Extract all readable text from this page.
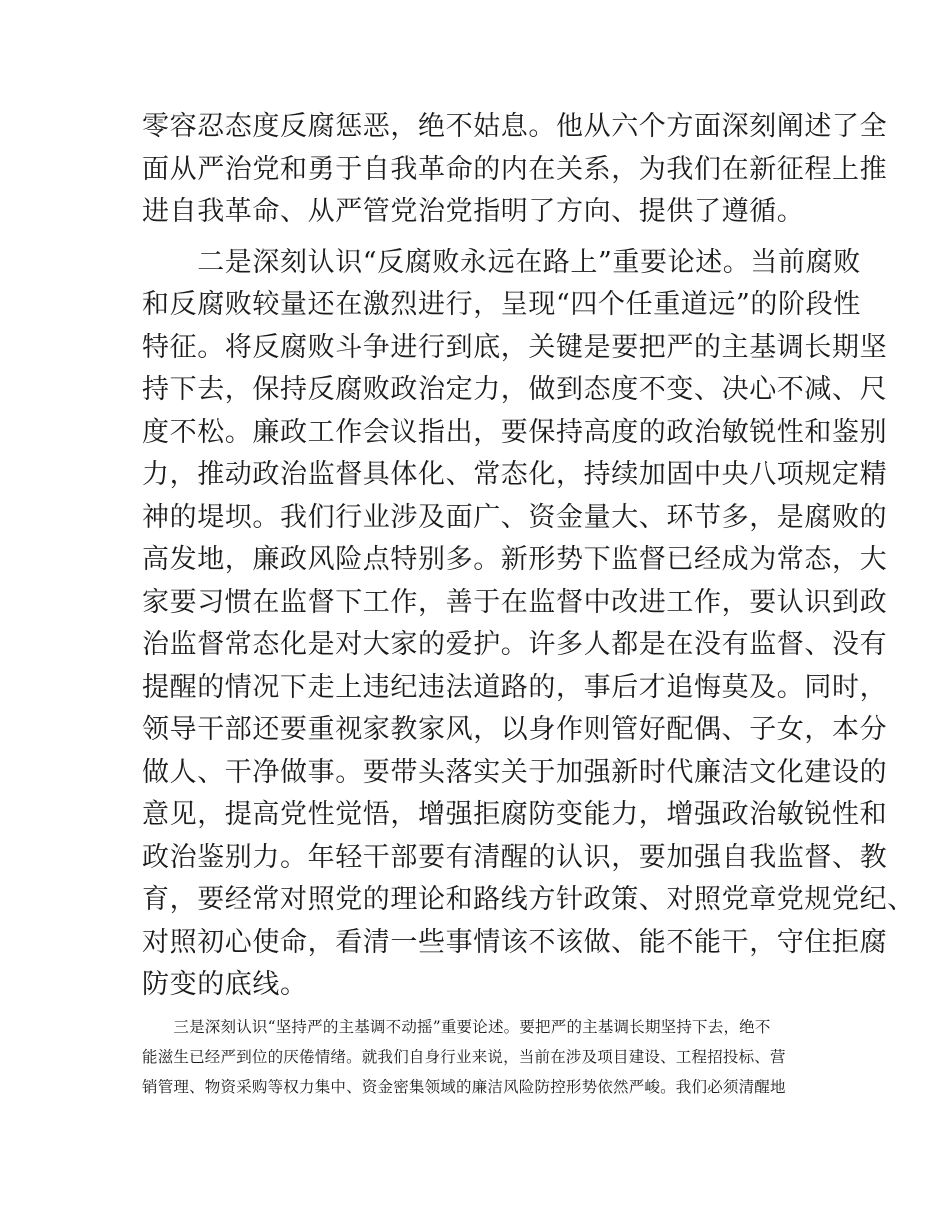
零容忍态度反腐惩恶，绝不姑息。他从六个方面深刻阐述了全
面从严治党和勇于自我革命的内在关系，为我们在新征程上推
进自我革命、从严管党治党指明了方向、提供了遵循。
　　二是深刻认识“反腐败永远在路上”重要论述。当前腐败
和反腐败较量还在激烈进行，呈现“四个任重道远”的阶段性
特征。将反腐败斗争进行到底，关键是要把严的主基调长期坚
持下去，保持反腐败政治定力，做到态度不变、决心不减、尺
度不松。廉政工作会议指出，要保持高度的政治敏锐性和鉴别
力，推动政治监督具体化、常态化，持续加固中央八项规定精
神的堤坝。我们行业涉及面广、资金量大、环节多，是腐败的
高发地，廉政风险点特别多。新形势下监督已经成为常态，大
家要习惯在监督下工作，善于在监督中改进工作，要认识到政
治监督常态化是对大家的爱护。许多人都是在没有监督、没有
提醒的情况下走上违纪违法道路的，事后才追悔莫及。同时，
领导干部还要重视家教家风，以身作则管好配偶、子女，本分
做人、干净做事。要带头落实关于加强新时代廉洁文化建设的
意见，提高党性觉悟，增强拒腐防变能力，增强政治敏锐性和
政治鉴别力。年轻干部要有清醒的认识，要加强自我监督、教
育，要经常对照党的理论和路线方针政策、对照党章党规党纪、
对照初心使命，看清一些事情该不该做、能不能干，守住拒腐
防变的底线。
　　三是深刻认识“坚持严的主基调不动摇”重要论述。要把严的主基调长期坚持下去，绝不
能滋生已经严到位的厌倦情绪。就我们自身行业来说，当前在涉及项目建设、工程招投标、营
销管理、物资采购等权力集中、资金密集领域的廉洁风险防控形势依然严峻。我们必须清醒地
